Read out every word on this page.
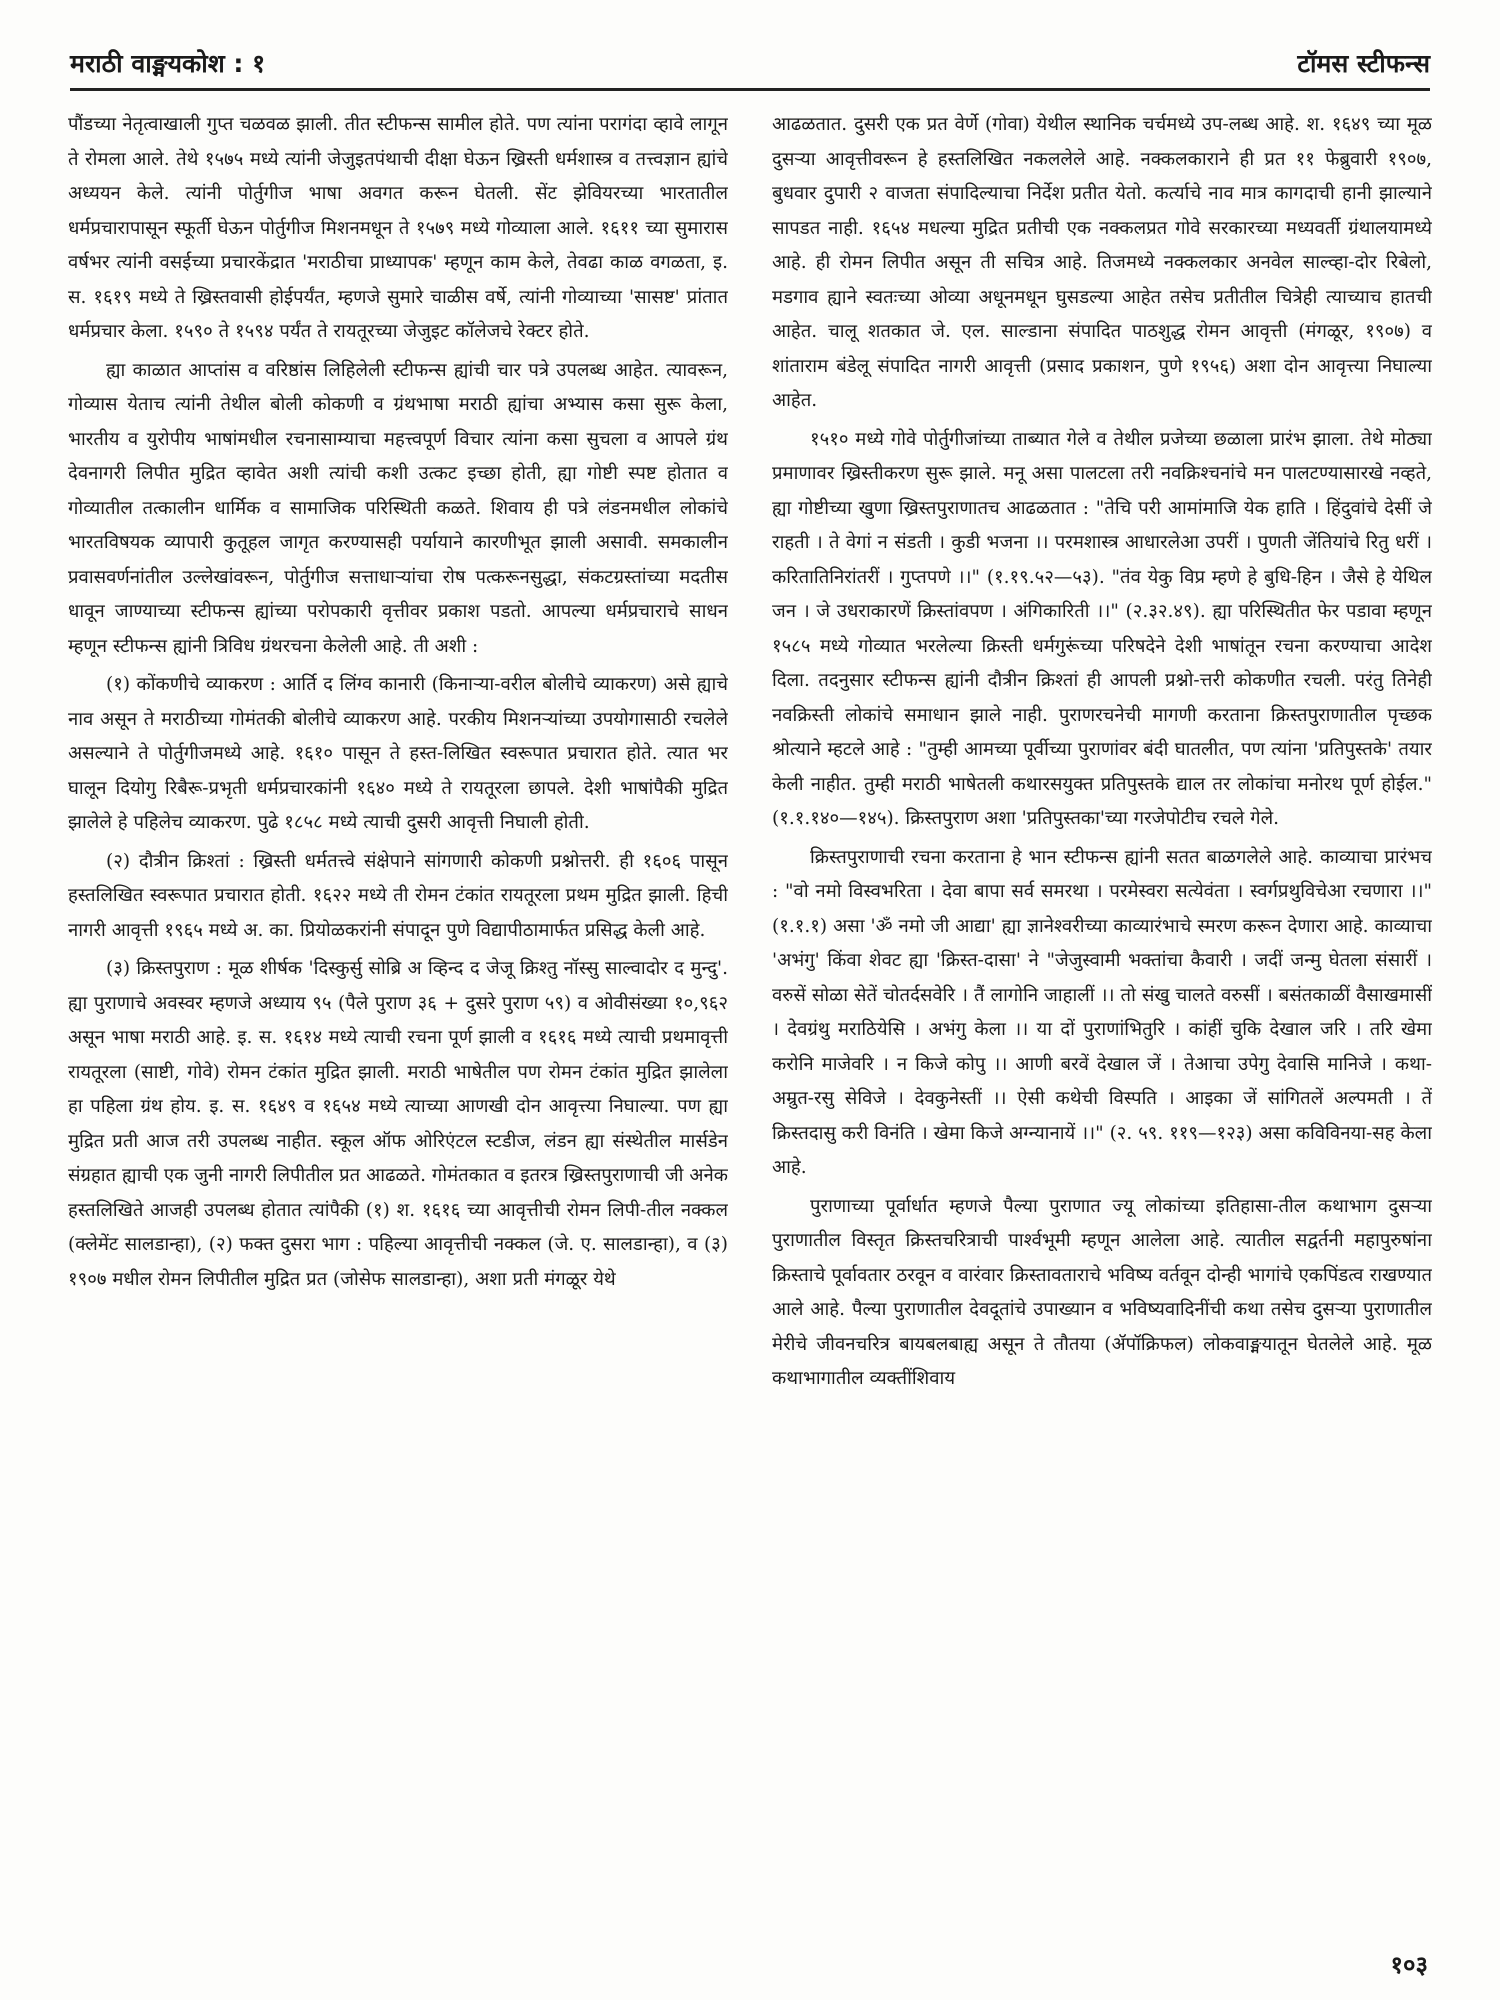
मराठी वाङ्मयकोश : १	टॉमस स्टीफन्स

पौंडच्या नेतृत्वाखाली गुप्त चळवळ झाली. तीत स्टीफन्स सामील होते. पण त्यांना परागंदा व्हावे लागून ते रोमला आले. तेथे १५७५ मध्ये त्यांनी जेजुइतपंथाची दीक्षा घेऊन ख्रिस्ती धर्मशास्त्र व तत्त्वज्ञान ह्यांचे अध्ययन केले. त्यांनी पोर्तुगीज भाषा अवगत करून घेतली. सेंट झेवियरच्या भारतातील धर्मप्रचारापासून स्फूर्ती घेऊन पोर्तुगीज मिशनमधून ते १५७९ मध्ये गोव्याला आले. १६११ च्या सुमारास वर्षभर त्यांनी वसईच्या प्रचारकेंद्रात 'मराठीचा प्राध्यापक' म्हणून काम केले, तेवढा काळ वगळता, इ. स. १६१९ मध्ये ते ख्रिस्तवासी होईपर्यंत, म्हणजे सुमारे चाळीस वर्षे, त्यांनी गोव्याच्या 'सासष्ट' प्रांतात धर्मप्रचार केला. १५९० ते १५९४ पर्यंत ते रायतूरच्या जेजुइट कॉलेजचे रेक्टर होते.

ह्या काळात आप्तांस व वरिष्ठांस लिहिलेली स्टीफन्स ह्यांची चार पत्रे उपलब्ध आहेत. त्यावरून, गोव्यास येताच त्यांनी तेथील बोली कोकणी व ग्रंथभाषा मराठी ह्यांचा अभ्यास कसा सुरू केला, भारतीय व युरोपीय भाषांमधील रचनासाम्याचा महत्त्वपूर्ण विचार त्यांना कसा सुचला व आपले ग्रंथ देवनागरी लिपीत मुद्रित व्हावेत अशी त्यांची कशी उत्कट इच्छा होती, ह्या गोष्टी स्पष्ट होतात व गोव्यातील तत्कालीन धार्मिक व सामाजिक परिस्थिती कळते. शिवाय ही पत्रे लंडनमधील लोकांचे भारतविषयक व्यापारी कुतूहल जागृत करण्यासही पर्यायाने कारणीभूत झाली असावी. समकालीन प्रवासवर्णनांतील उल्लेखांवरून, पोर्तुगीज सत्ताधाऱ्यांचा रोष पत्करूनसुद्धा, संकटग्रस्तांच्या मदतीस धावून जाण्याच्या स्टीफन्स ह्यांच्या परोपकारी वृत्तीवर प्रकाश पडतो. आपल्या धर्मप्रचाराचे साधन म्हणून स्टीफन्स ह्यांनी त्रिविध ग्रंथरचना केलेली आहे. ती अशी :

(१) कोंकणीचे व्याकरण : आर्ति द लिंग्व कानारी (किनाऱ्या-वरील बोलीचे व्याकरण) असे ह्याचे नाव असून ते मराठीच्या गोमंतकी बोलीचे व्याकरण आहे. परकीय मिशनऱ्यांच्या उपयोगासाठी रचलेले असल्याने ते पोर्तुगीजमध्ये आहे. १६१० पासून ते हस्त-लिखित स्वरूपात प्रचारात होते. त्यात भर घालून दियोगु रिबैरू-प्रभृती धर्मप्रचारकांनी १६४० मध्ये ते रायतूरला छापले. देशी भाषांपैकी मुद्रित झालेले हे पहिलेच व्याकरण. पुढे १८५८ मध्ये त्याची दुसरी आवृत्ती निघाली होती.

(२) दौत्रीन क्रिश्तां : ख्रिस्ती धर्मतत्त्वे संक्षेपाने सांगणारी कोकणी प्रश्नोत्तरी. ही १६०६ पासून हस्तलिखित स्वरूपात प्रचारात होती. १६२२ मध्ये ती रोमन टंकांत रायतूरला प्रथम मुद्रित झाली. हिची नागरी आवृत्ती १९६५ मध्ये अ. का. प्रियोळकरांनी संपादून पुणे विद्यापीठामार्फत प्रसिद्ध केली आहे.

(३) क्रिस्तपुराण : मूळ शीर्षक 'दिस्कुर्सु सोब्रि अ व्हिन्द द जेजू क्रिश्तु नॉस्सु साल्वादोर द मुन्दु'. ह्या पुराणाचे अवस्वर म्हणजे अध्याय ९५ (पैले पुराण ३६ + दुसरे पुराण ५९) व ओवीसंख्या १०,९६२ असून भाषा मराठी आहे. इ. स. १६१४ मध्ये त्याची रचना पूर्ण झाली व १६१६ मध्ये त्याची प्रथमावृत्ती रायतूरला (साष्टी, गोवे) रोमन टंकांत मुद्रित झाली. मराठी भाषेतील पण रोमन टंकांत मुद्रित झालेला हा पहिला ग्रंथ होय. इ. स. १६४९ व १६५४ मध्ये त्याच्या आणखी दोन आवृत्त्या निघाल्या. पण ह्या मुद्रित प्रती आज तरी उपलब्ध नाहीत. स्कूल ऑफ ओरिएंटल स्टडीज, लंडन ह्या संस्थेतील मार्सडेन संग्रहात ह्याची एक जुनी नागरी लिपीतील प्रत आढळते. गोमंतकात व इतरत्र ख्रिस्तपुराणाची जी अनेक हस्तलिखिते आजही उपलब्ध होतात त्यांपैकी (१) श. १६१६ च्या आवृत्तीची रोमन लिपी-तील नक्कल (क्लेमेंट सालडान्हा), (२) फक्त दुसरा भाग : पहिल्या आवृत्तीची नक्कल (जे. ए. सालडान्हा), व (३) १९०७ मधील रोमन लिपीतील मुद्रित प्रत (जोसेफ सालडान्हा), अशा प्रती मंगळूर येथे

आढळतात. दुसरी एक प्रत वेर्णे (गोवा) येथील स्थानिक चर्चमध्ये उप-लब्ध आहे. श. १६४९ च्या मूळ दुसऱ्या आवृत्तीवरून हे हस्तलिखित नकललेले आहे. नक्कलकाराने ही प्रत ११ फेब्रुवारी १९०७, बुधवार दुपारी २ वाजता संपादिल्याचा निर्देश प्रतीत येतो. कर्त्याचे नाव मात्र कागदाची हानी झाल्याने सापडत नाही. १६५४ मधल्या मुद्रित प्रतीची एक नक्कलप्रत गोवे सरकारच्या मध्यवर्ती ग्रंथालयामध्ये आहे. ही रोमन लिपीत असून ती सचित्र आहे. तिजमध्ये नक्कलकार अनवेल साल्व्हा-दोर रिबेलो, मडगाव ह्याने स्वतःच्या ओव्या अधूनमधून घुसडल्या आहेत तसेच प्रतीतील चित्रेही त्याच्याच हातची आहेत. चालू शतकात जे. एल. साल्डाना संपादित पाठशुद्ध रोमन आवृत्ती (मंगळूर, १९०७) व शांताराम बंडेलू संपादित नागरी आवृत्ती (प्रसाद प्रकाशन, पुणे १९५६) अशा दोन आवृत्त्या निघाल्या आहेत.

१५१० मध्ये गोवे पोर्तुगीजांच्या ताब्यात गेले व तेथील प्रजेच्या छळाला प्रारंभ झाला. तेथे मोठ्या प्रमाणावर ख्रिस्तीकरण सुरू झाले. मनू असा पालटला तरी नवक्रिश्चनांचे मन पालटण्यासारखे नव्हते, ह्या गोष्टीच्या खुणा ख्रिस्तपुराणातच आढळतात : "तेचि परी आमांमाजि येक हाति । हिंदुवांचे देसीं जे राहती । ते वेगां न संडती । कुडी भजना ।। परमशास्त्र आधारलेआ उपरीं । पुणती जेंतियांचे रितु धरीं । करितातिनिरांतरीं । गुप्तपणे ।।" (१.१९.५२—५३). "तंव येकु विप्र म्हणे हे बुधि-हिन । जैसे हे येथिल जन । जे उधराकारणें क्रिस्तांवपण । अंगिकारिती ।।" (२.३२.४९). ह्या परिस्थितीत फेर पडावा म्हणून १५८५ मध्ये गोव्यात भरलेल्या क्रिस्ती धर्मगुरूंच्या परिषदेने देशी भाषांतून रचना करण्याचा आदेश दिला. तदनुसार स्टीफन्स ह्यांनी दौत्रीन क्रिश्तां ही आपली प्रश्नो-त्तरी कोकणीत रचली. परंतु तिनेही नवक्रिस्ती लोकांचे समाधान झाले नाही. पुराणरचनेची मागणी करताना क्रिस्तपुराणातील पृच्छक श्रोत्याने म्हटले आहे : "तुम्ही आमच्या पूर्वीच्या पुराणांवर बंदी घातलीत, पण त्यांना 'प्रतिपुस्तके' तयार केली नाहीत. तुम्ही मराठी भाषेतली कथारसयुक्त प्रतिपुस्तके द्याल तर लोकांचा मनोरथ पूर्ण होईल." (१.१.१४०—१४५). क्रिस्तपुराण अशा 'प्रतिपुस्तका'च्या गरजेपोटीच रचले गेले.

क्रिस्तपुराणाची रचना करताना हे भान स्टीफन्स ह्यांनी सतत बाळगलेले आहे. काव्याचा प्रारंभच : "वो नमो विस्वभरिता । देवा बापा सर्व समरथा । परमेस्वरा सत्येवंता । स्वर्गप्रथुविचेआ रचणारा ।।" (१.१.१) असा 'ॐ नमो जी आद्या' ह्या ज्ञानेश्वरीच्या काव्यारंभाचे स्मरण करून देणारा आहे. काव्याचा 'अभंगु' किंवा शेवट ह्या 'क्रिस्त-दासा' ने "जेजुस्वामी भक्तांचा कैवारी । जदीं जन्मु घेतला संसारीं । वरुसें सोळा सेतें चोतर्दसवेरि । तैं लागोनि जाहालीं ।। तो संखु चालते वरुसीं । बसंतकाळीं वैसाखमासीं । देवग्रंथु मराठियेसि । अभंगु केला ।। या दों पुराणांभितुरि । कांहीं चुकि देखाल जरि । तरि खेमा करोनि माजेवरि । न किजे कोपु ।। आणी बरवें देखाल जें । तेआचा उपेगु देवासि मानिजे । कथा-अम्रुत-रसु सेविजे । देवकुनेस्तीं ।। ऐसी कथेची विस्पति । आइका जें सांगितलें अल्पमती । तें क्रिस्तदासु करी विनंति । खेमा किजे अग्न्यानायें ।।" (२. ५९. ११९—१२३) असा कविविनया-सह केला आहे.

पुराणाच्या पूर्वार्धात म्हणजे पैल्या पुराणात ज्यू लोकांच्या इतिहासा-तील कथाभाग दुसऱ्या पुराणातील विस्तृत क्रिस्तचरित्राची पार्श्वभूमी म्हणून आलेला आहे. त्यातील सद्वर्तनी महापुरुषांना क्रिस्ताचे पूर्वावतार ठरवून व वारंवार क्रिस्तावताराचे भविष्य वर्तवून दोन्ही भागांचे एकपिंडत्व राखण्यात आले आहे. पैल्या पुराणातील देवदूतांचे उपाख्यान व भविष्यवादिनींची कथा तसेच दुसऱ्या पुराणातील मेरीचे जीवनचरित्र बायबलबाह्य असून ते तौतया (ॲपॉक्रिफल) लोकवाङ्मयातून घेतलेले आहे. मूळ कथाभागातील व्यक्तींशिवाय

१०३
